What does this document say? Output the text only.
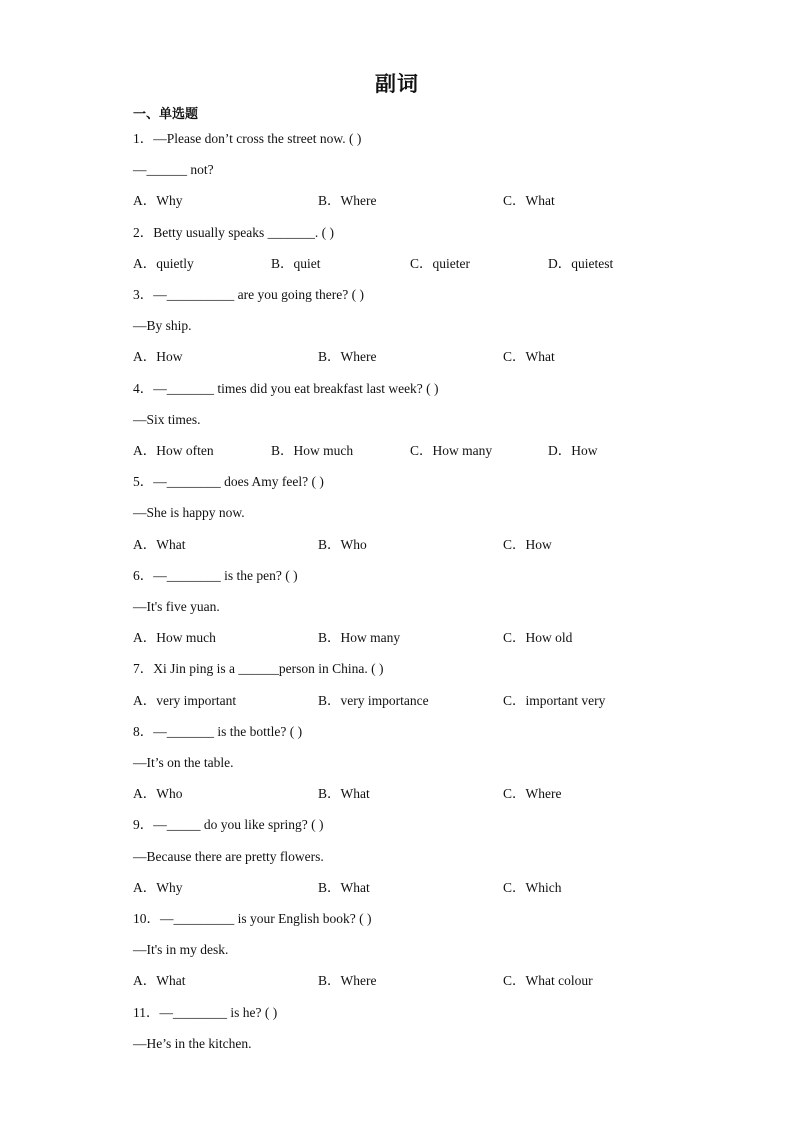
副词
一、单选题
1．—Please don’t cross the street now. ( )
—______ not?
A．Why	B．Where	C．What
2．Betty usually speaks _______. ( )
A．quietly	B．quiet	C．quieter	D．quietest
3．—__________ are you going there? ( )
—By ship.
A．How	B．Where	C．What
4．—_______ times did you eat breakfast last week? ( )
—Six times.
A．How often	B．How much	C．How many	D．How
5．—________ does Amy feel? ( )
—She is happy now.
A．What	B．Who	C．How
6．—________ is the pen? ( )
—It's five yuan.
A．How much	B．How many	C．How old
7．Xi Jin ping is a ______person in China. ( )
A．very important	B．very importance	C．important very
8．—_______ is the bottle? ( )
—It’s on the table.
A．Who	B．What	C．Where
9．—_____ do you like spring? ( )
—Because there are pretty flowers.
A．Why	B．What	C．Which
10．—_________ is your English book? ( )
—It's in my desk.
A．What	B．Where	C．What colour
11．—________ is he? ( )
—He’s in the kitchen.
